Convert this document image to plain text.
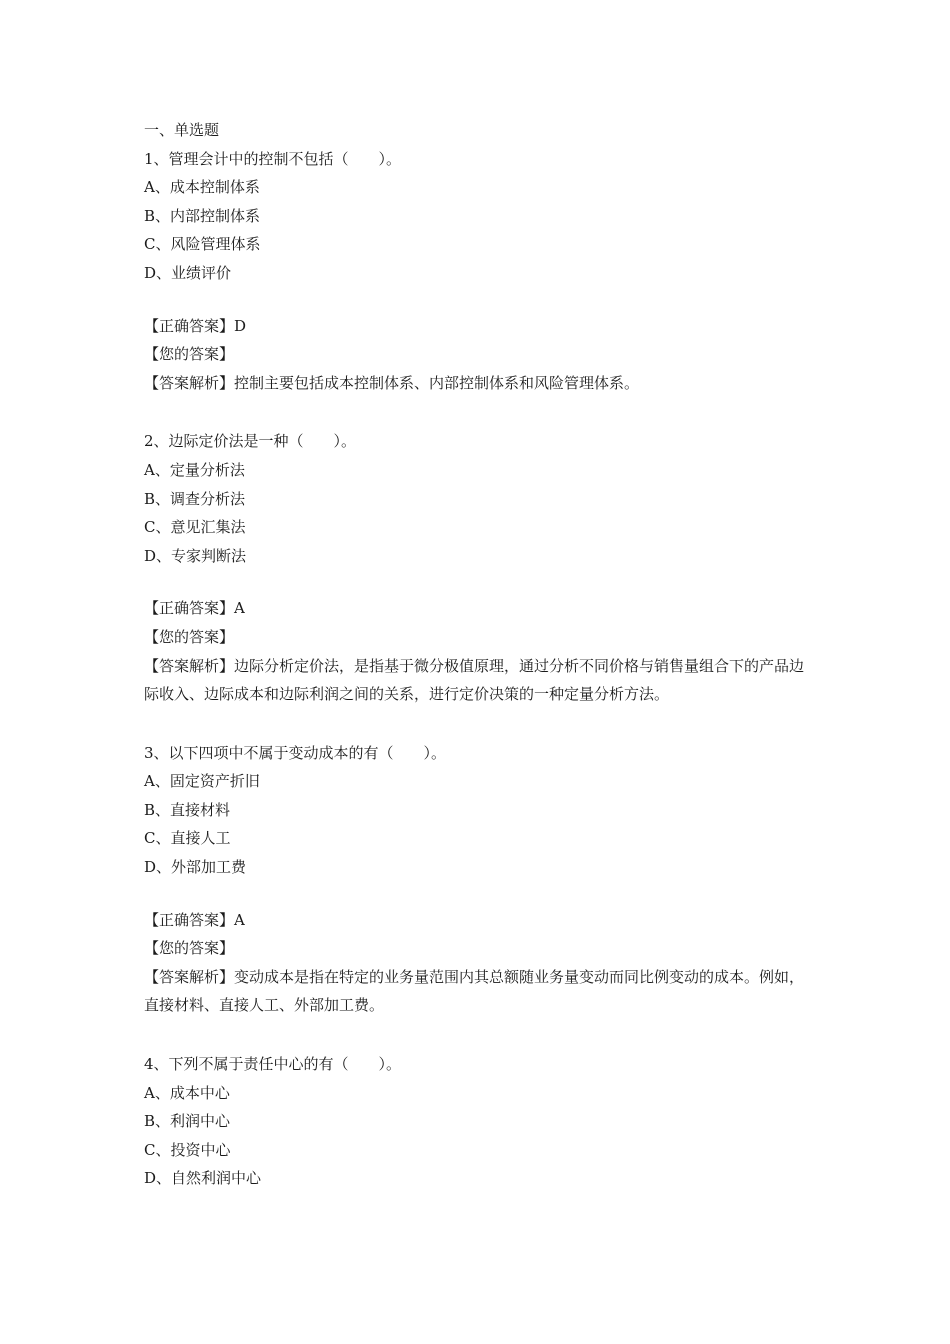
一、单选题
1、管理会计中的控制不包括（　　）。
A、成本控制体系
B、内部控制体系
C、风险管理体系
D、业绩评价
【正确答案】D
【您的答案】
【答案解析】控制主要包括成本控制体系、内部控制体系和风险管理体系。
2、边际定价法是一种（　　）。
A、定量分析法
B、调查分析法
C、意见汇集法
D、专家判断法
【正确答案】A
【您的答案】
【答案解析】边际分析定价法，是指基于微分极值原理，通过分析不同价格与销售量组合下的产品边际收入、边际成本和边际利润之间的关系，进行定价决策的一种定量分析方法。
3、以下四项中不属于变动成本的有（　　）。
A、固定资产折旧
B、直接材料
C、直接人工
D、外部加工费
【正确答案】A
【您的答案】
【答案解析】变动成本是指在特定的业务量范围内其总额随业务量变动而同比例变动的成本。例如，直接材料、直接人工、外部加工费。
4、下列不属于责任中心的有（　　）。
A、成本中心
B、利润中心
C、投资中心
D、自然利润中心
